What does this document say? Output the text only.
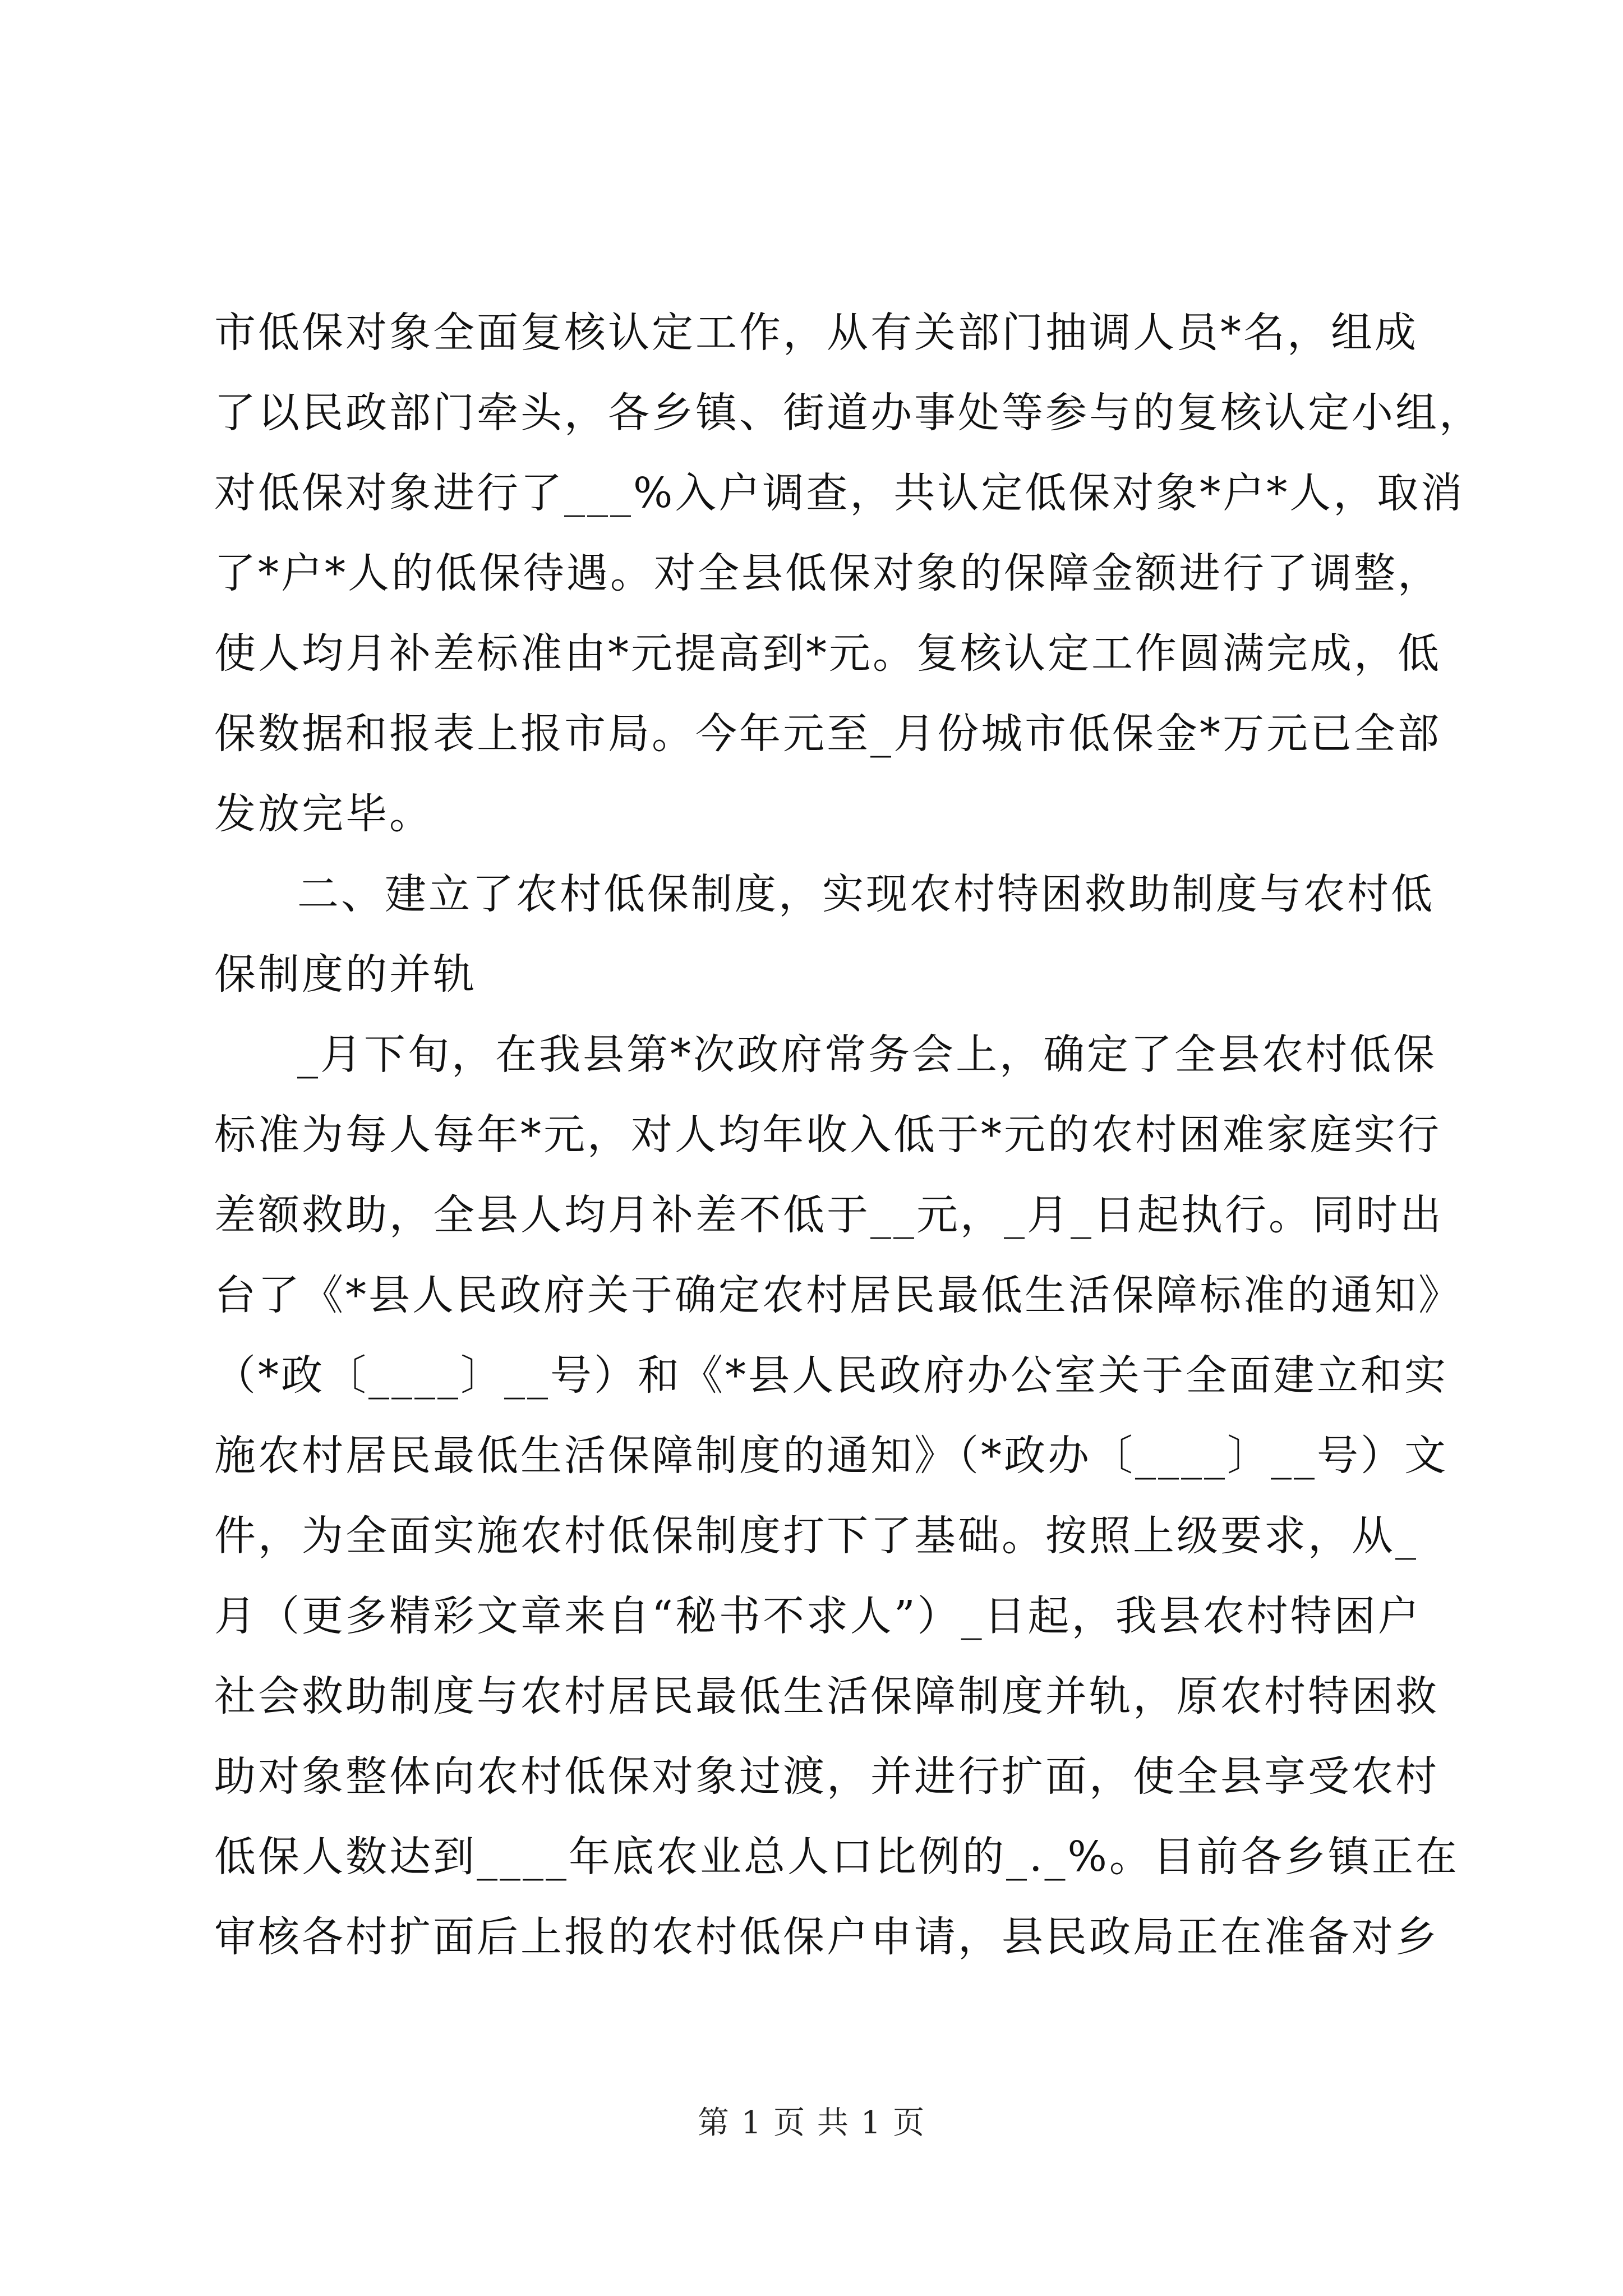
市低保对象全面复核认定工作，从有关部门抽调人员*名，组成
了以民政部门牵头，各乡镇、街道办事处等参与的复核认定小组，
对低保对象进行了___%入户调查，共认定低保对象*户*人，取消
了*户*人的低保待遇。对全县低保对象的保障金额进行了调整，
使人均月补差标准由*元提高到*元。复核认定工作圆满完成，低
保数据和报表上报市局。今年元至_月份城市低保金*万元已全部
发放完毕。
二、建立了农村低保制度，实现农村特困救助制度与农村低
保制度的并轨
_月下旬，在我县第*次政府常务会上，确定了全县农村低保
标准为每人每年*元，对人均年收入低于*元的农村困难家庭实行
差额救助，全县人均月补差不低于__元，_月_日起执行。同时出
台了《*县人民政府关于确定农村居民最低生活保障标准的通知》
（*政〔____〕__号）和《*县人民政府办公室关于全面建立和实
施农村居民最低生活保障制度的通知》（*政办〔____〕__号）文
件，为全面实施农村低保制度打下了基础。按照上级要求，从_
月（更多精彩文章来自“秘书不求人”）_日起，我县农村特困户
社会救助制度与农村居民最低生活保障制度并轨，原农村特困救
助对象整体向农村低保对象过渡，并进行扩面，使全县享受农村
低保人数达到____年底农业总人口比例的_._%。目前各乡镇正在
审核各村扩面后上报的农村低保户申请，县民政局正在准备对乡
第 1 页 共 1 页
